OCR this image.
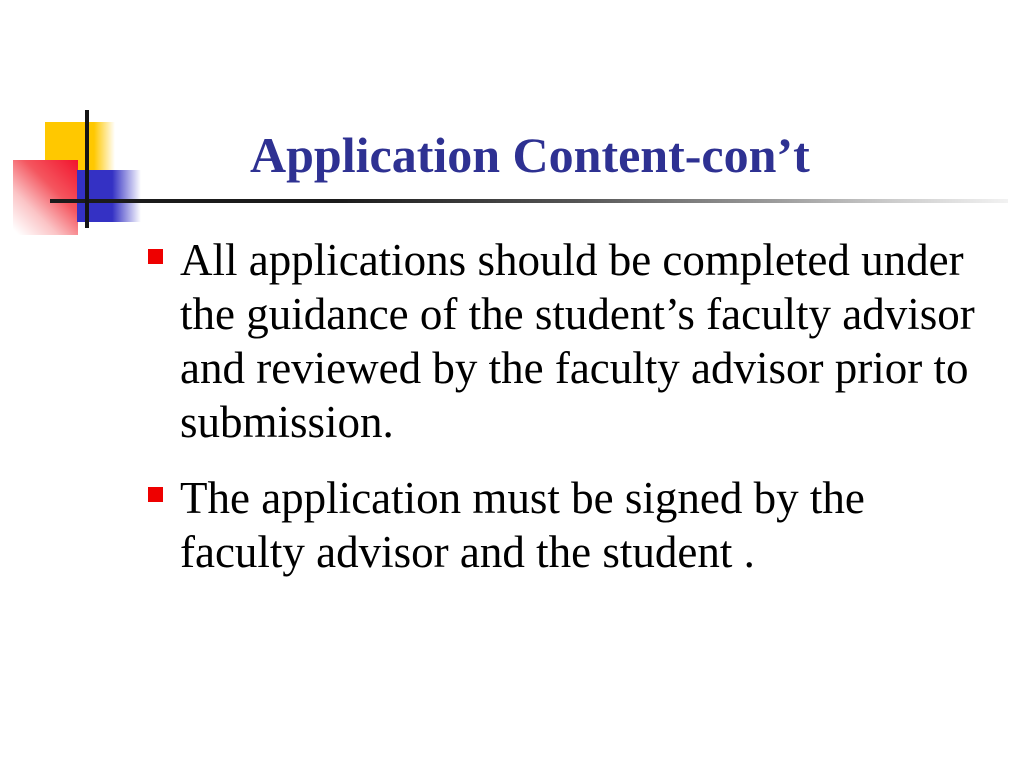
Application Content-con’t
All applications should be completed under
the guidance of the student’s faculty advisor
and reviewed by the faculty advisor prior to
submission.
The application must be signed by the
faculty advisor and the student .
